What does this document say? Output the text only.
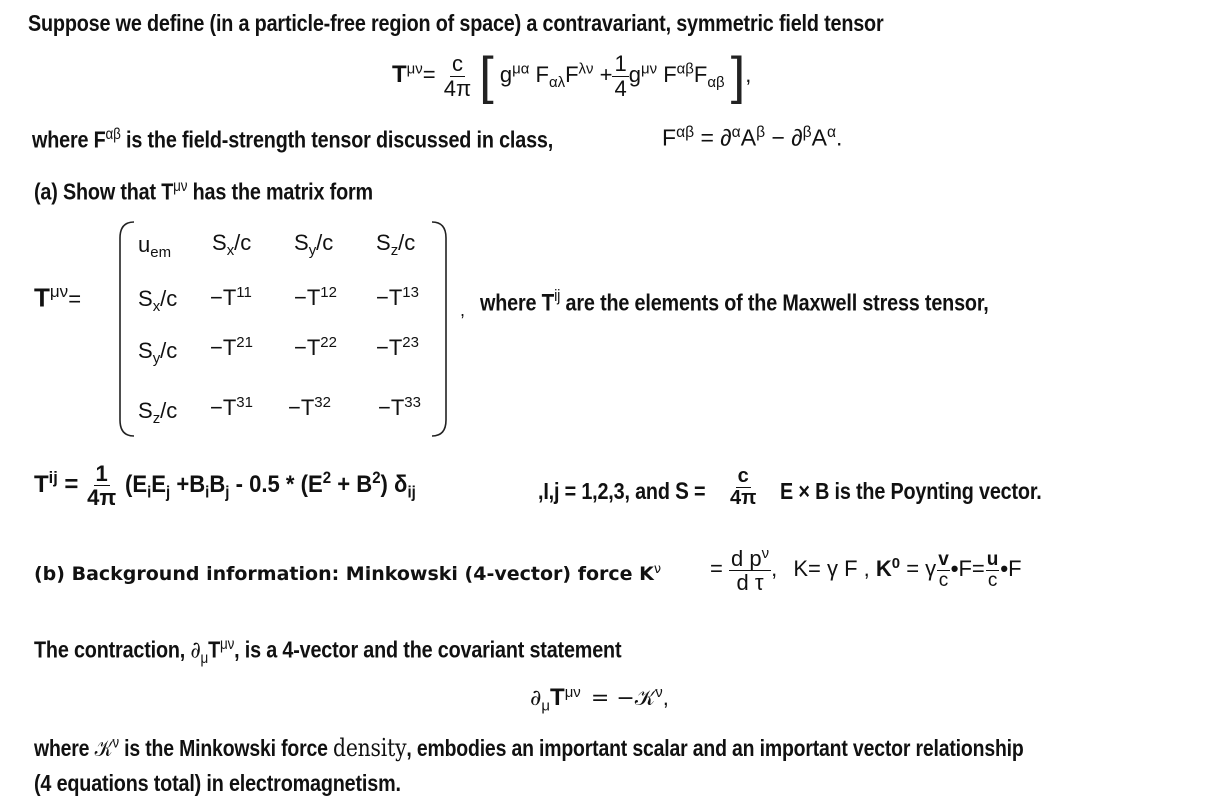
Suppose we define (in a particle-free region of space) a contravariant, symmetric field tensor
$T^{\mu\nu}= \frac{c}{4\pi}$ [ $g^{\mu\alpha}$ $F_{\alpha\lambda}F^{\lambda\nu} + \frac{1}{4} g^{\mu\nu}$ $F^{\alpha\beta}F_{\alpha\beta}$ ],
where $F^{\alpha\beta}$ is the field-strength tensor discussed in class,	$F^{\alpha\beta} = \partial^\alpha A^\beta - \partial^\beta A^\alpha$.
(a) Show that $T^{\mu\nu}$ has the matrix form
$T^{\mu\nu}=$
$u_{em}$ $S_x/c$ $S_y/c$ $S_z/c$
$S_x/c -T^{11} -T^{12} -T^{13}$
$S_y/c -T^{21} -T^{22} -T^{23}$
$S_z/c -T^{31} -T^{32} -T^{33}$
, where $T^{ij}$ are the elements of the Maxwell stress tensor,
$T^{ij} = \frac{1}{4\pi} (E_iE_j +B_iB_j - 0.5 * (E^2 + B^2)$ $\delta_{ij}$	,I,j = 1,2,3, and $S = \frac{c}{4\pi}$ E × B is the Poynting vector.
(b) Background information: Minkowski (4-vector) force $K^\nu = \frac{d p^\nu}{\text{d τ}}$ , K= γ F , $K^0 = \gamma \frac{v}{c}$ •F= $\frac{u}{c}$ •F
The contraction, $\partial_\mu T^{\mu\nu}$, is a 4-vector and the covariant statement
$\partial_\mu T^{\mu\nu}$ = −𝒦$^\nu$,
where 𝒦$^\nu$ is the Minkowski force density, embodies an important scalar and an important vector relationship
(4 equations total) in electromagnetism.
